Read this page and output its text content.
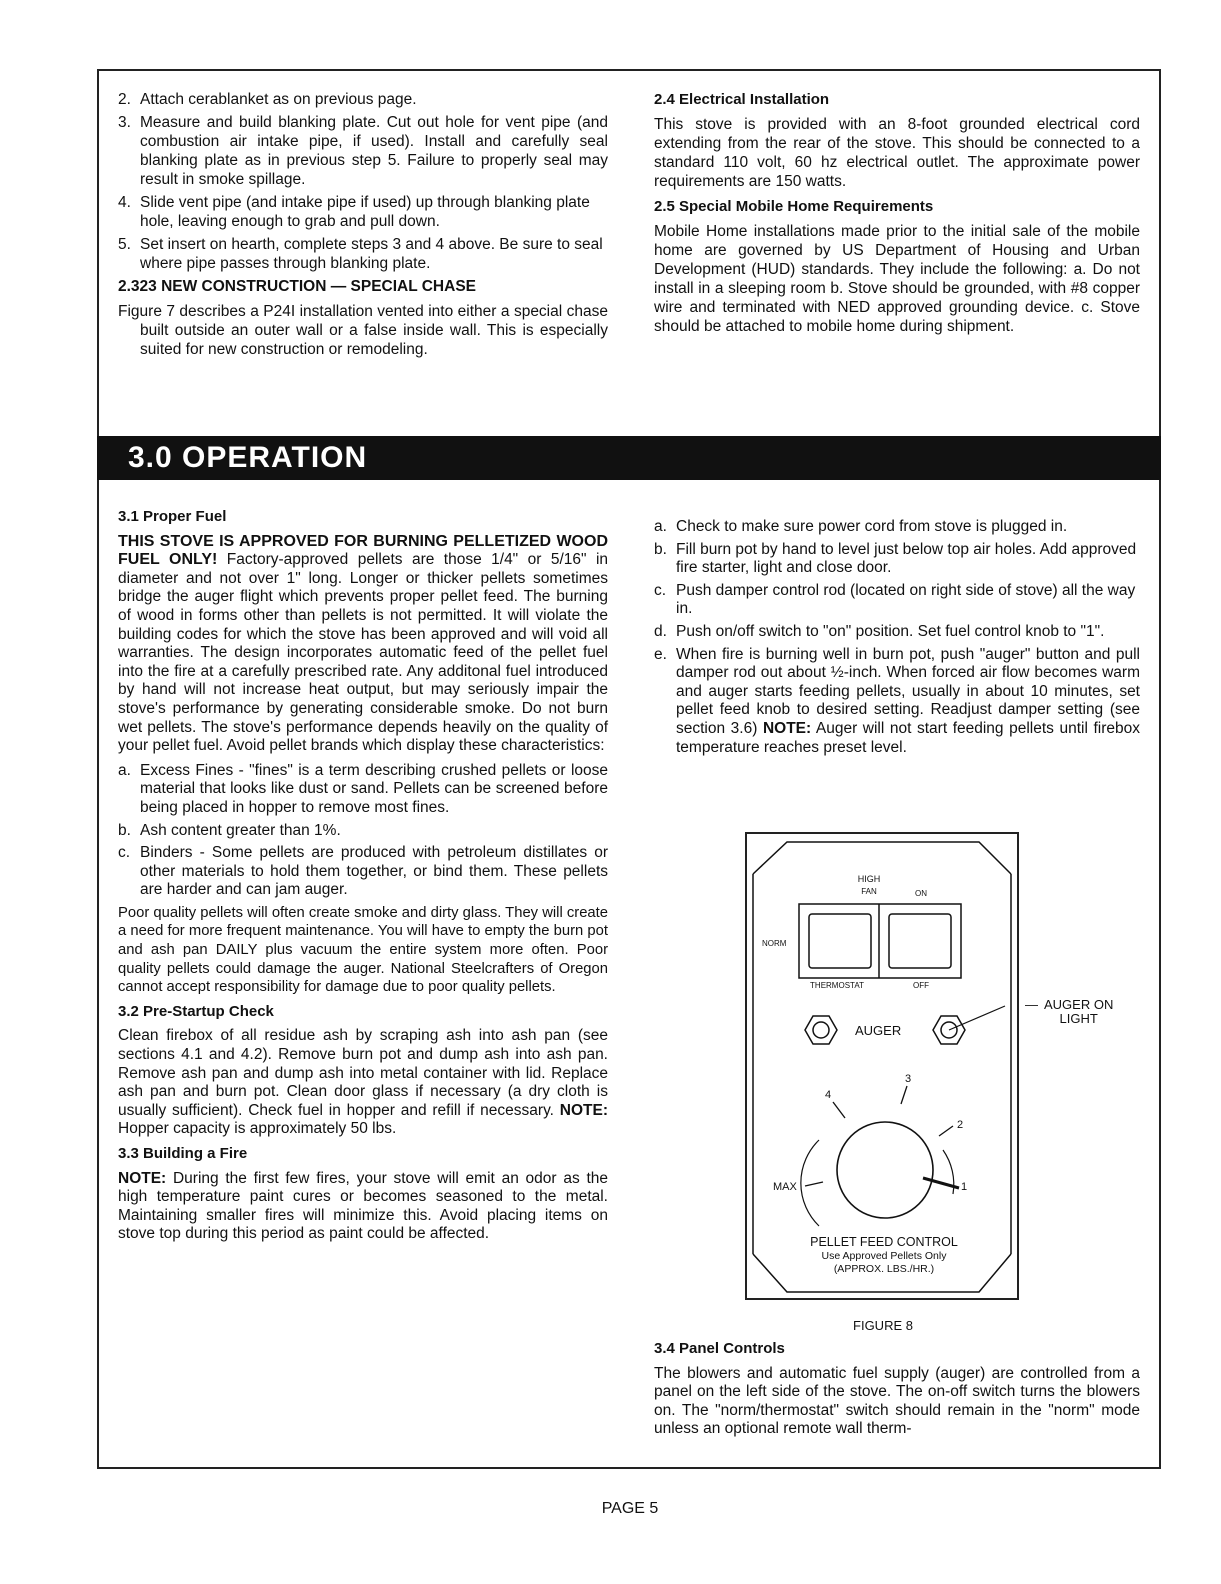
2. Attach cerablanket as on previous page.
3. Measure and build blanking plate. Cut out hole for vent pipe (and combustion air intake pipe, if used). Install and carefully seal blanking plate as in previous step 5. Failure to properly seal may result in smoke spillage.
4. Slide vent pipe (and intake pipe if used) up through blanking plate hole, leaving enough to grab and pull down.
5. Set insert on hearth, complete steps 3 and 4 above. Be sure to seal where pipe passes through blanking plate.
2.323 NEW CONSTRUCTION — SPECIAL CHASE

Figure 7 describes a P24I installation vented into either a special chase built outside an outer wall or a false inside wall. This is especially suited for new construction or remodeling.

2.4 Electrical Installation

This stove is provided with an 8-foot grounded electrical cord extending from the rear of the stove. This should be connected to a standard 110 volt, 60 hz electrical outlet. The approximate power requirements are 150 watts.

2.5 Special Mobile Home Requirements

Mobile Home installations made prior to the initial sale of the mobile home are governed by US Department of Housing and Urban Development (HUD) standards. They include the following: a. Do not install in a sleeping room b. Stove should be grounded, with #8 copper wire and terminated with NED approved grounding device. c. Stove should be attached to mobile home during shipment.

3.0 OPERATION
3.1 Proper Fuel

THIS STOVE IS APPROVED FOR BURNING PELLETIZED WOOD FUEL ONLY! Factory-approved pellets are those 1/4" or 5/16" in diameter and not over 1" long. Longer or thicker pellets sometimes bridge the auger flight which prevents proper pellet feed. The burning of wood in forms other than pellets is not permitted. It will violate the building codes for which the stove has been approved and will void all warranties. The design incorporates automatic feed of the pellet fuel into the fire at a carefully prescribed rate. Any additonal fuel introduced by hand will not increase heat output, but may seriously impair the stove's performance by generating considerable smoke. Do not burn wet pellets. The stove's performance depends heavily on the quality of your pellet fuel. Avoid pellet brands which display these characteristics:

a. Excess Fines - "fines" is a term describing crushed pellets or loose material that looks like dust or sand. Pellets can be screened before being placed in hopper to remove most fines.
b. Ash content greater than 1%.
c. Binders - Some pellets are produced with petroleum distillates or other materials to hold them together, or bind them. These pellets are harder and can jam auger.

Poor quality pellets will often create smoke and dirty glass. They will create a need for more frequent maintenance. You will have to empty the burn pot and ash pan DAILY plus vacuum the entire system more often. Poor quality pellets could damage the auger. National Steelcrafters of Oregon cannot accept responsibility for damage due to poor quality pellets.

3.2 Pre-Startup Check

Clean firebox of all residue ash by scraping ash into ash pan (see sections 4.1 and 4.2). Remove burn pot and dump ash into ash pan. Remove ash pan and dump ash into metal container with lid. Replace ash pan and burn pot. Clean door glass if necessary (a dry cloth is usually sufficient). Check fuel in hopper and refill if necessary. NOTE: Hopper capacity is approximately 50 lbs.

3.3 Building a Fire

NOTE: During the first few fires, your stove will emit an odor as the high temperature paint cures or becomes seasoned to the metal. Maintaining smaller fires will minimize this. Avoid placing items on stove top during this period as paint could be affected.

a. Check to make sure power cord from stove is plugged in.
b. Fill burn pot by hand to level just below top air holes. Add approved fire starter, light and close door.
c. Push damper control rod (located on right side of stove) all the way in.
d. Push on/off switch to "on" position. Set fuel control knob to "1".
e. When fire is burning well in burn pot, push "auger" button and pull damper rod out about ½-inch. When forced air flow becomes warm and auger starts feeding pellets, usually in about 10 minutes, set pellet feed knob to desired setting. Readjust damper setting (see section 3.6) NOTE: Auger will not start feeding pellets until firebox temperature reaches preset level.
HIGH
FAN	ON
NORM
THERMOSTAT	OFF
AUGER
4
3
2
1
MAX
PELLET FEED CONTROL
Use Approved Pellets Only
(APPROX. LBS./HR.)
— AUGER ON
LIGHT
FIGURE 8
3.4 Panel Controls

The blowers and automatic fuel supply (auger) are controlled from a panel on the left side of the stove. The on-off switch turns the blowers on. The "norm/thermostat" switch should remain in the "norm" mode unless an optional remote wall therm-

PAGE 5
